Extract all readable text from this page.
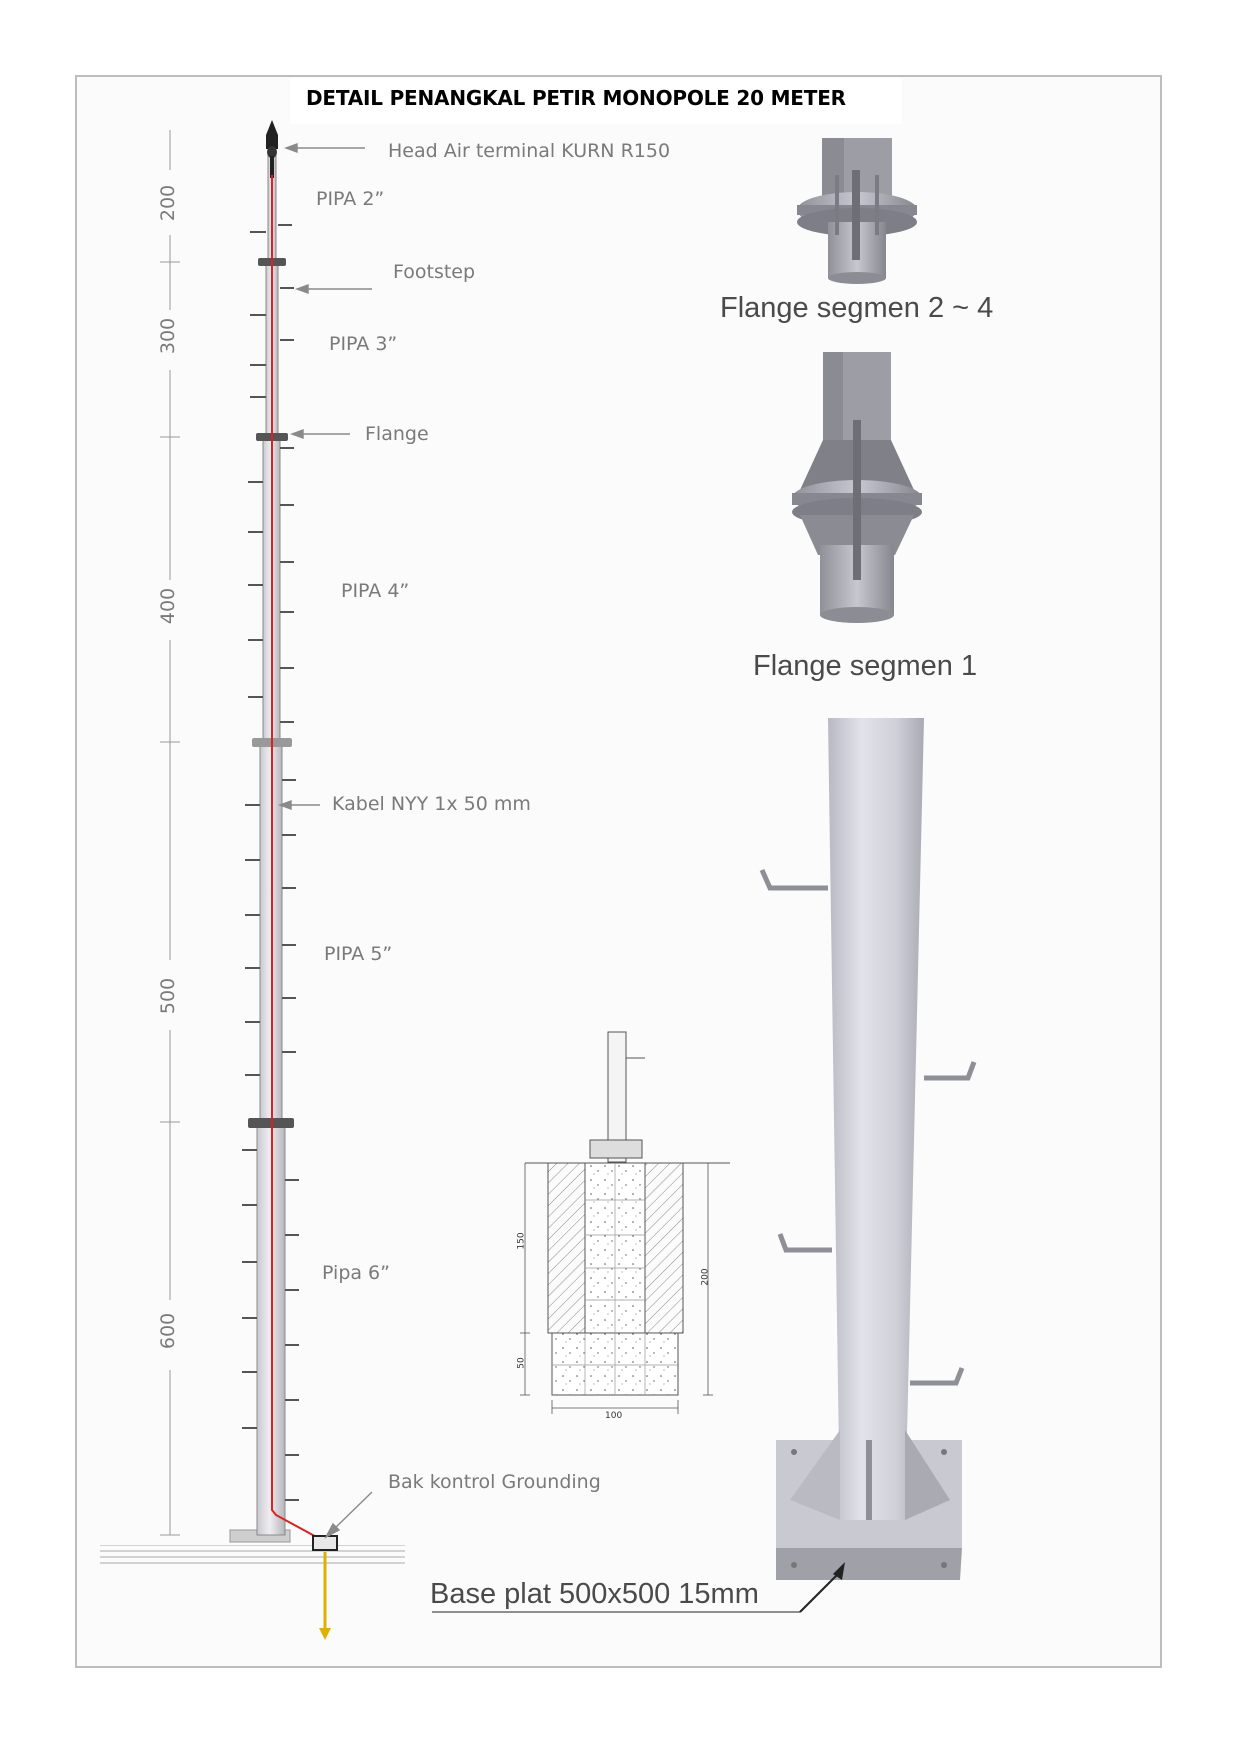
DETAIL PENANGKAL PETIR MONOPOLE 20 METER
Head Air terminal KURN R150
PIPA 2”
Footstep
PIPA 3”
Flange
PIPA 4”
Kabel NYY 1x 50 mm
PIPA 5”
Pipa 6”
Bak kontrol Grounding
200
300
400
500
600
150
50
200
100
Flange segmen 2 ~ 4
Flange segmen 1
Base plat 500x500 15mm
